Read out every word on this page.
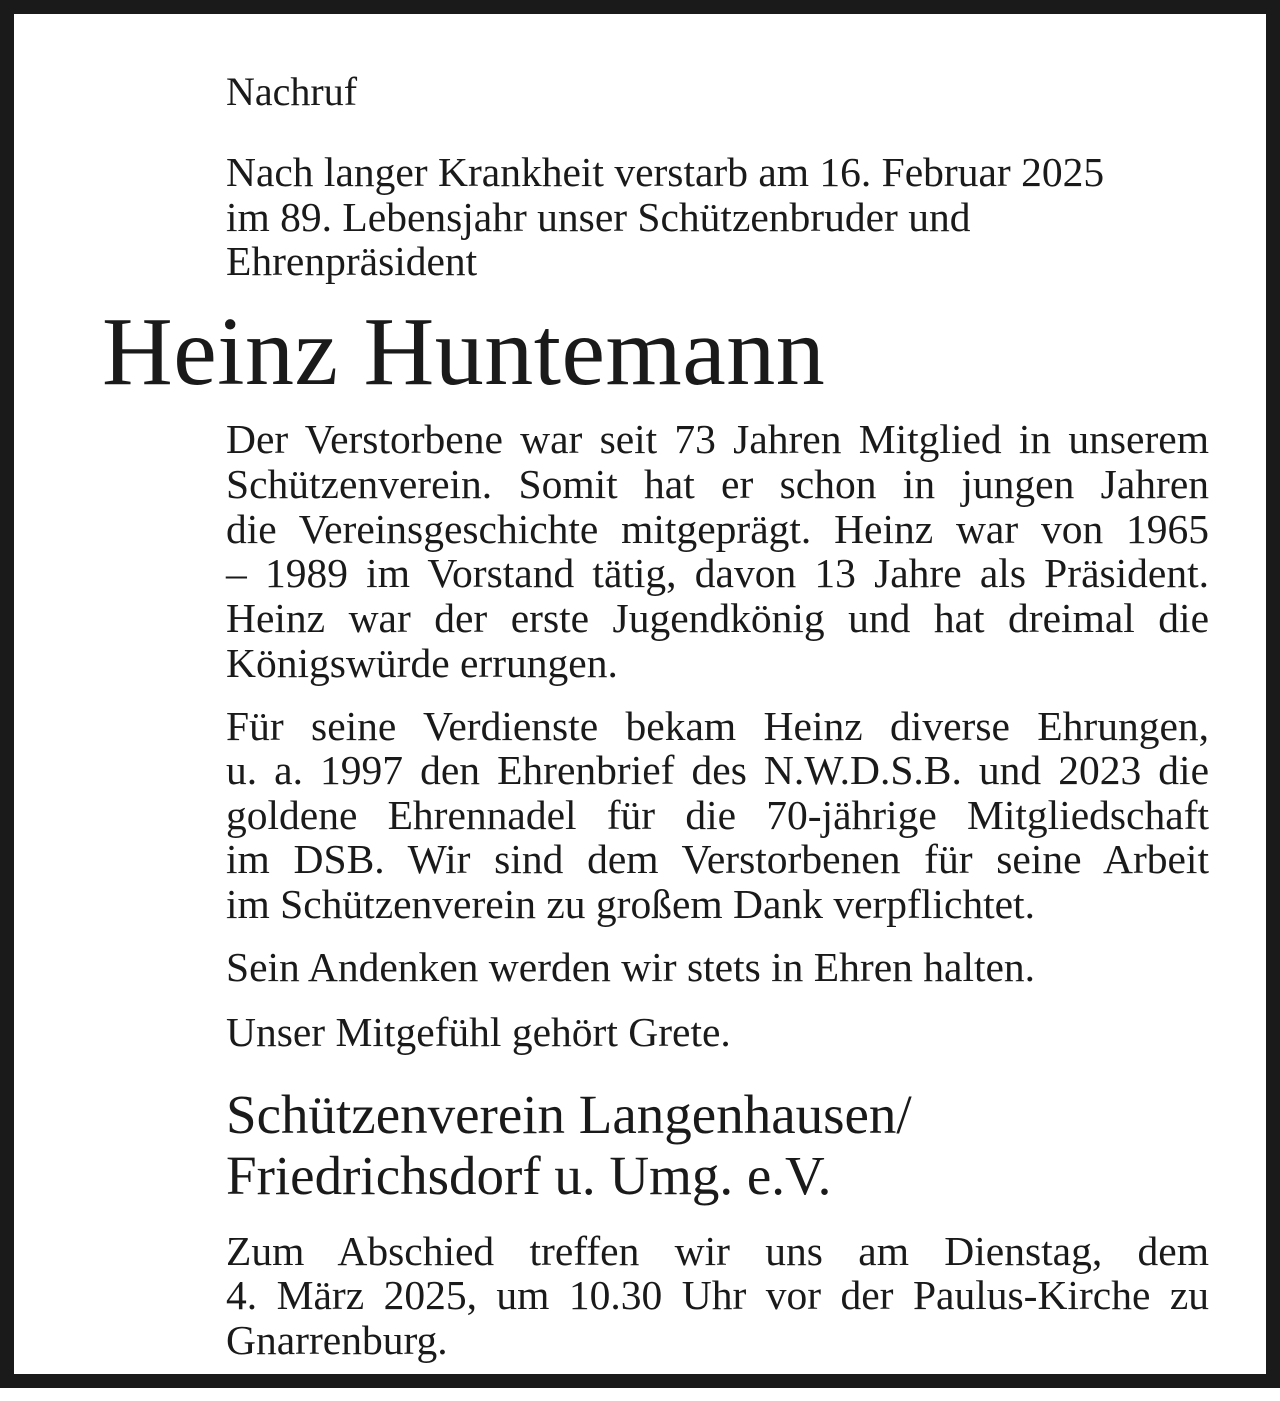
Nachruf

Nach langer Krankheit verstarb am 16. Februar 2025

im 89. Lebensjahr unser Schützenbruder und

Ehrenpräsident

Heinz Huntemann

Der Verstorbene war seit 73 Jahren Mitglied in unserem

Schützenverein. Somit hat er schon in jungen Jahren

die Vereinsgeschichte mitgeprägt. Heinz war von 1965

– 1989 im Vorstand tätig, davon 13 Jahre als Präsident.

Heinz war der erste Jugendkönig und hat dreimal die

Königswürde errungen.

Für seine Verdienste bekam Heinz diverse Ehrungen,

u. a. 1997 den Ehrenbrief des N.W.D.S.B. und 2023 die

goldene Ehrennadel für die 70-jährige Mitgliedschaft

im DSB. Wir sind dem Verstorbenen für seine Arbeit

im Schützenverein zu großem Dank verpflichtet.

Sein Andenken werden wir stets in Ehren halten.

Unser Mitgefühl gehört Grete.

Schützenverein Langenhausen/

Friedrichsdorf u. Umg. e.V.

Zum Abschied treffen wir uns am Dienstag, dem

4. März 2025, um 10.30 Uhr vor der Paulus-Kirche zu

Gnarrenburg.
